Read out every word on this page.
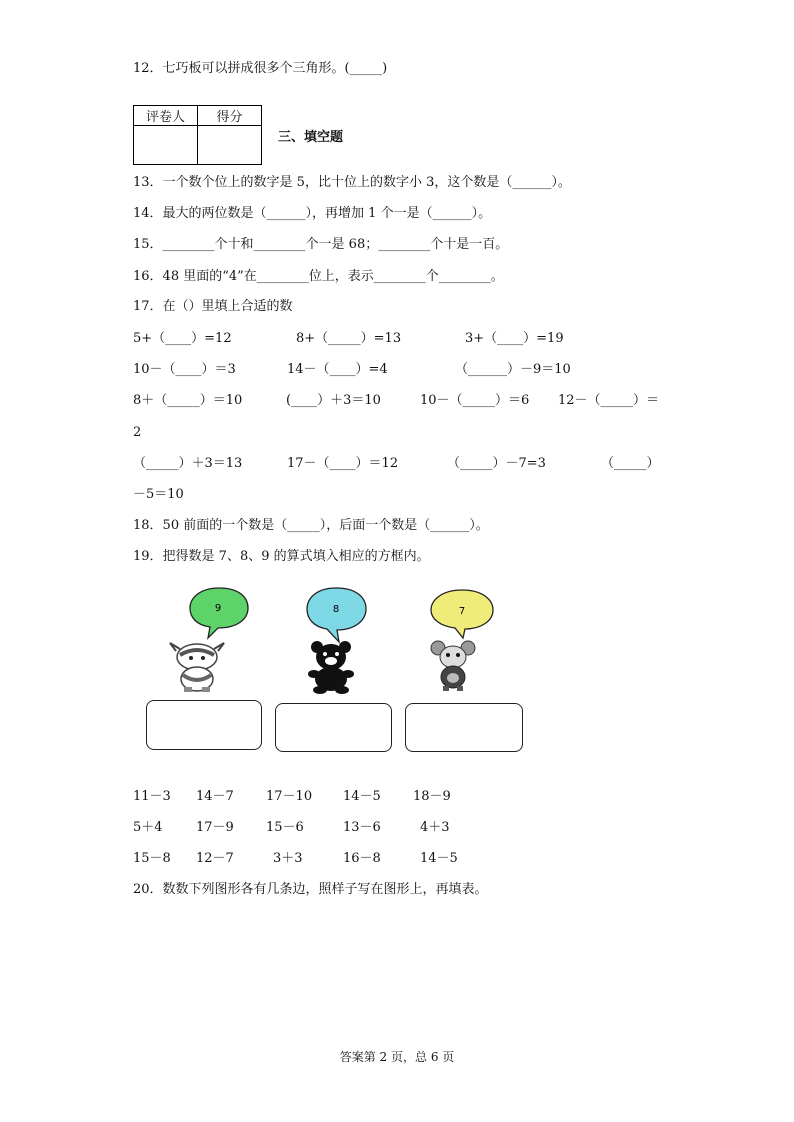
12．七巧板可以拼成很多个三角形。(_____)
评卷人	得分

三、填空题
13．一个数个位上的数字是 5，比十位上的数字小 3，这个数是（______）。
14．最大的两位数是（______），再增加 1 个一是（______）。
15．________个十和________个一是 68；________个十是一百。
16．48 里面的“4”在________位上，表示________个________。
17．在（）里填上合适的数
5+（____）=12	8+（_____）=13	3+（____）=19
10－（____）＝3	14－（____）=4	（______）－9＝10
8＋（_____）＝10	(____）＋3＝10	10－（_____）＝6 12－（_____）＝
2
（_____）＋3＝13	17－（____）＝12	（_____）－7=3	（_____）
－5＝10
18．50 前面的一个数是（_____），后面一个数是（______）。
19．把得数是 7、8、9 的算式填入相应的方框内。
9	8	7
11－3 14－7 17－10 14－5 18－9
5＋4	17－9 15－6	13－6	4＋3
15－8 12－7	3＋3	16－8	14－5
20．数数下列图形各有几条边，照样子写在图形上，再填表。
答案第 2 页，总 6 页
